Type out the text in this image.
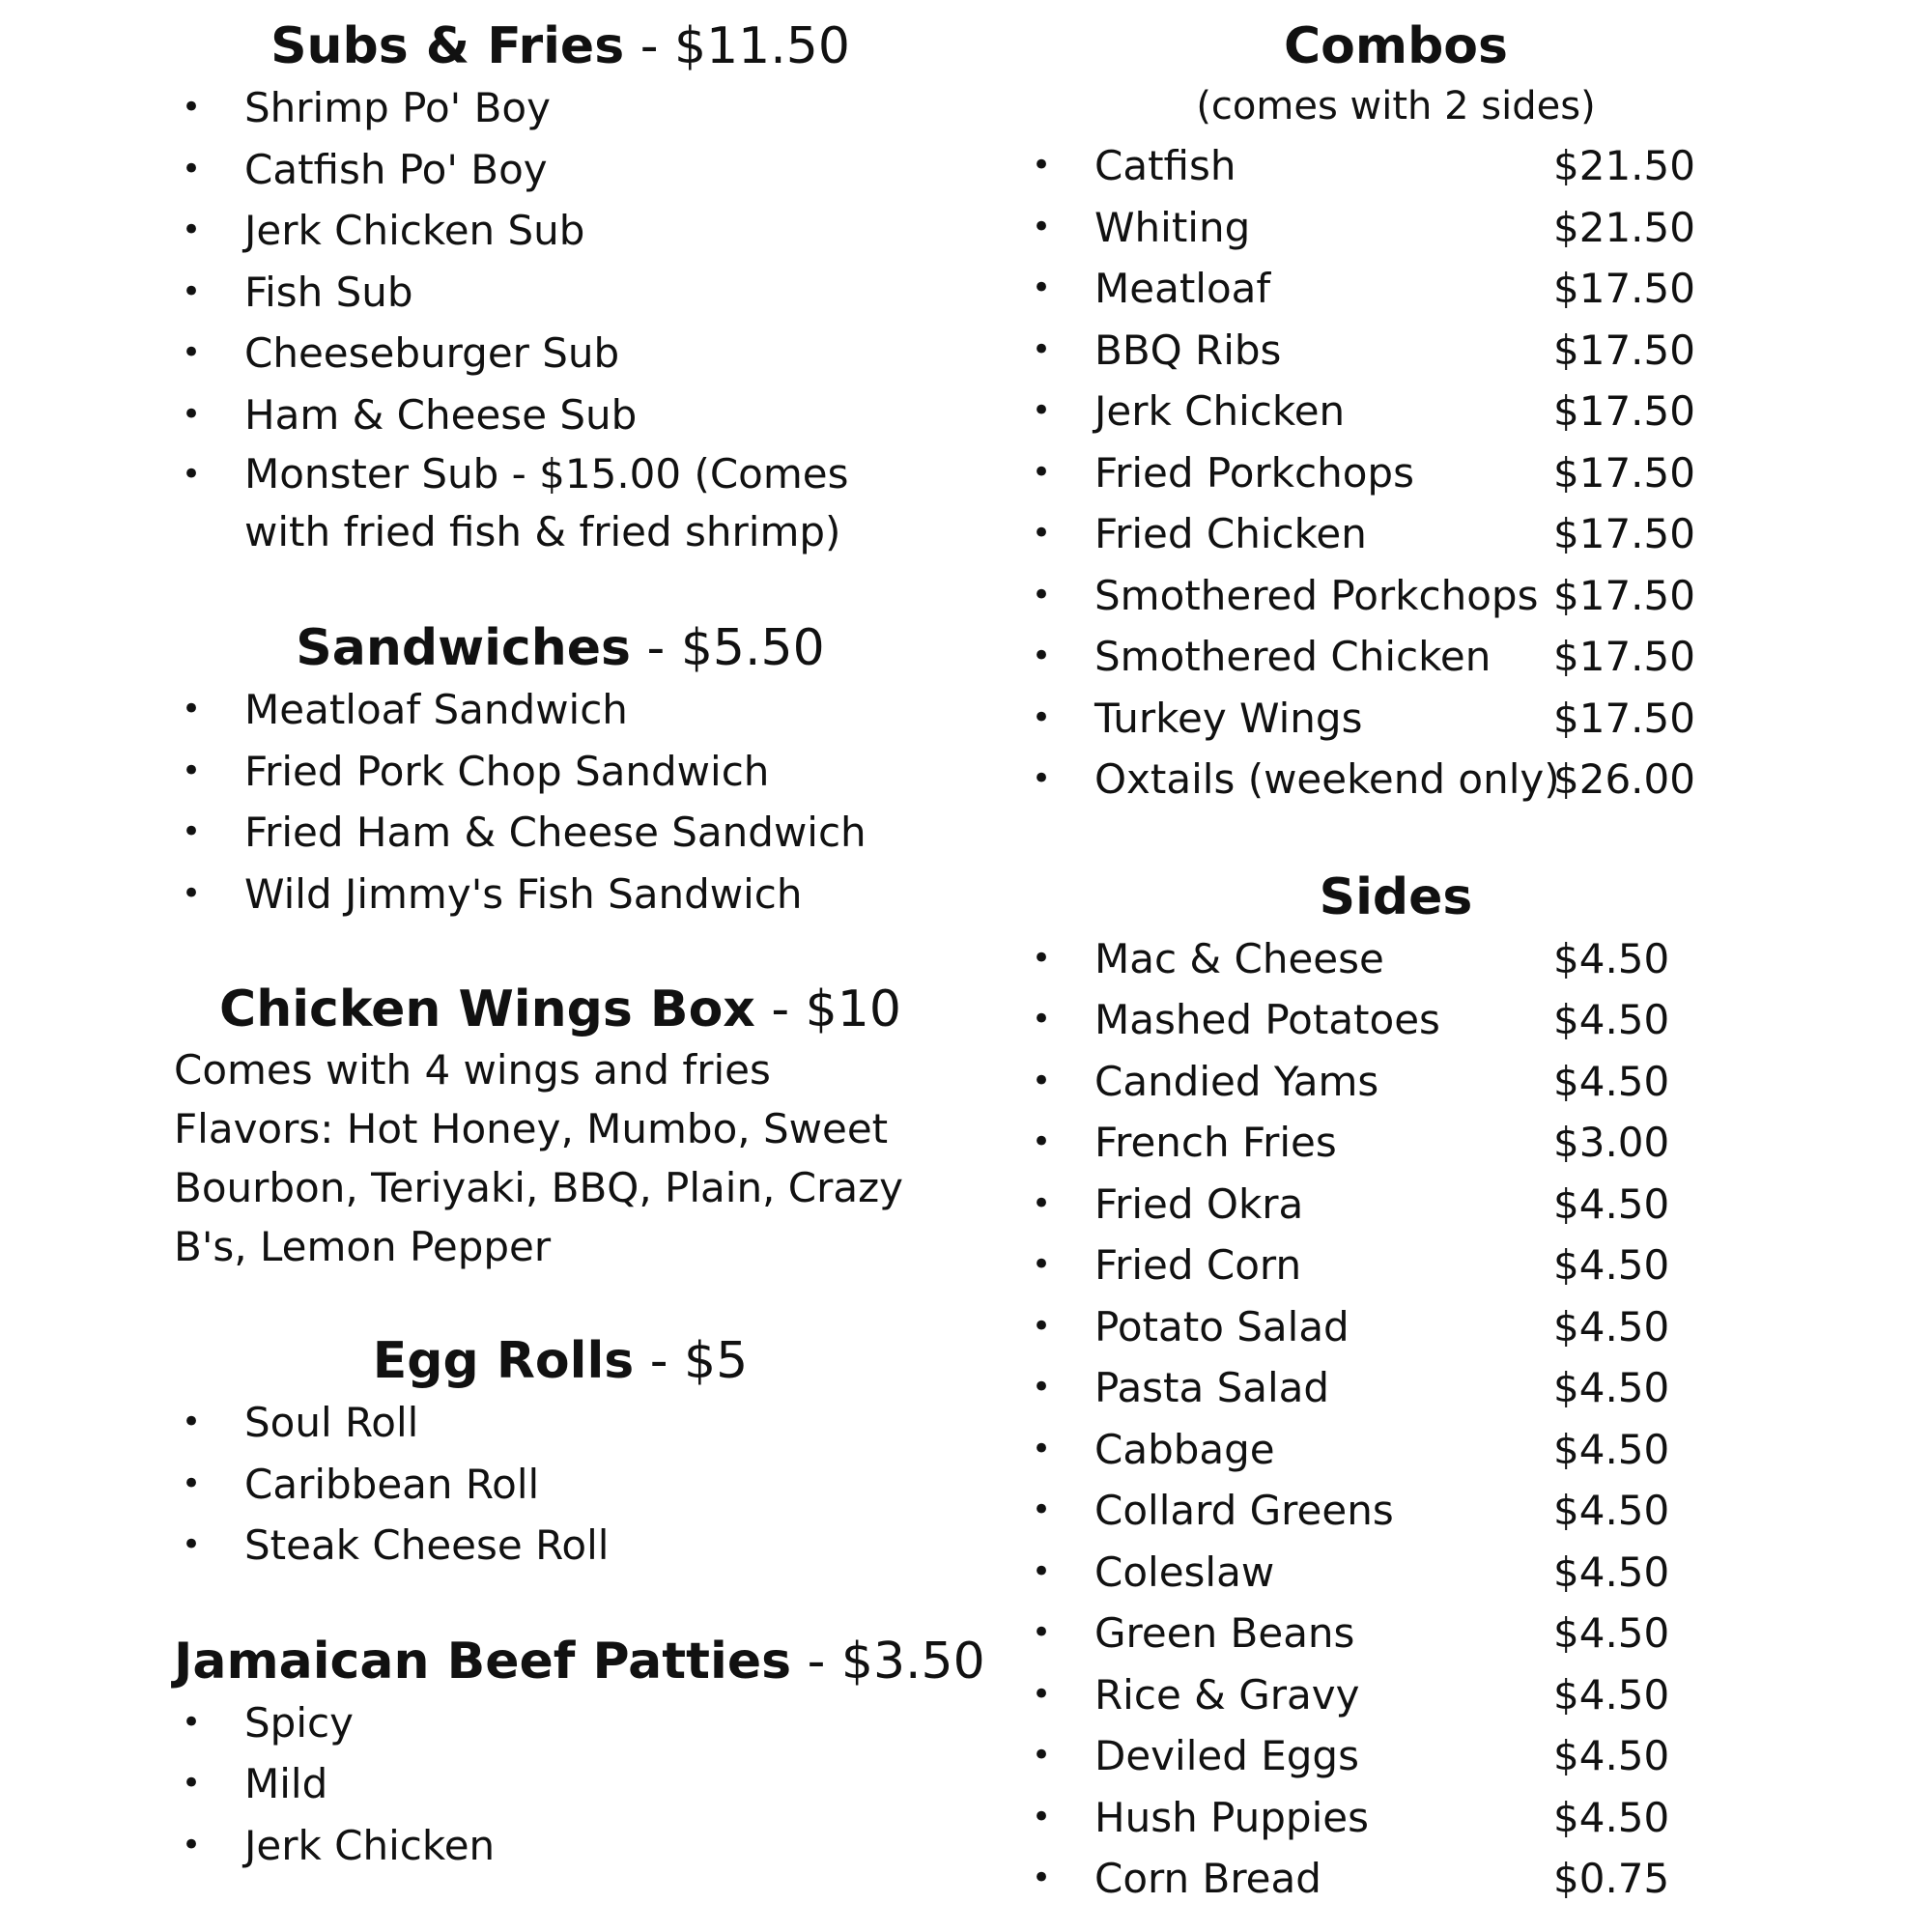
Subs & Fries - $11.50

• Shrimp Po' Boy
• Catfish Po' Boy
• Jerk Chicken Sub
• Fish Sub
• Cheeseburger Sub
• Ham & Cheese Sub
• Monster Sub - $15.00 (Comes with fried fish & fried shrimp)

Sandwiches - $5.50

• Meatloaf Sandwich
• Fried Pork Chop Sandwich
• Fried Ham & Cheese Sandwich
• Wild Jimmy's Fish Sandwich

Chicken Wings Box - $10

Comes with 4 wings and fries

Flavors: Hot Honey, Mumbo, Sweet Bourbon, Teriyaki, BBQ, Plain, Crazy B's, Lemon Pepper

Egg Rolls - $5

• Soul Roll
• Caribbean Roll
• Steak Cheese Roll

Jamaican Beef Patties - $3.50

• Spicy
• Mild
• Jerk Chicken

Combos

(comes with 2 sides)

• Catfish	$21.50
• Whiting	$21.50
• Meatloaf	$17.50
• BBQ Ribs	$17.50
• Jerk Chicken	$17.50
• Fried Porkchops	$17.50
• Fried Chicken	$17.50
• Smothered Porkchops $17.50
• Smothered Chicken $17.50
• Turkey Wings	$17.50
• Oxtails (weekend only)$26.00

Sides

• Mac & Cheese	$4.50
• Mashed Potatoes	$4.50
• Candied Yams	$4.50
• French Fries	$3.00
• Fried Okra	$4.50
• Fried Corn	$4.50
• Potato Salad	$4.50
• Pasta Salad	$4.50
• Cabbage	$4.50
• Collard Greens	$4.50
• Coleslaw	$4.50
• Green Beans	$4.50
• Rice & Gravy	$4.50
• Deviled Eggs	$4.50
• Hush Puppies	$4.50
• Corn Bread	$0.75
